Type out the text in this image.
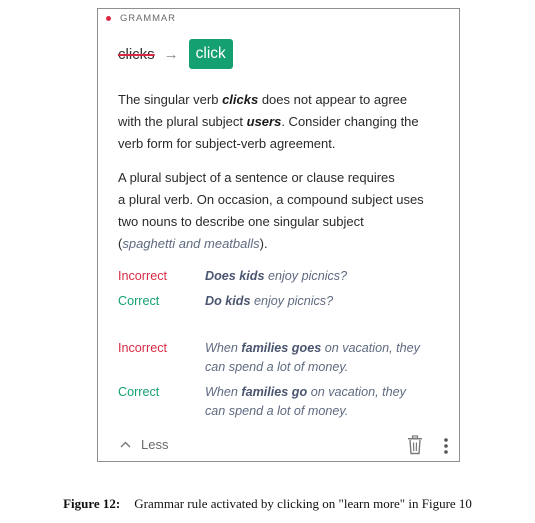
GRAMMAR
clicks →	click
The singular verb clicks does not appear to agree
with the plural subject users. Consider changing the
verb form for subject-verb agreement.
A plural subject of a sentence or clause requires
a plural verb. On occasion, a compound subject uses
two nouns to describe one singular subject
(spaghetti and meatballs).
Incorrect	Does kids enjoy picnics?
Correct	Do kids enjoy picnics?
Incorrect	When families goes on vacation, they
can spend a lot of money.
Correct	When families go on vacation, they
can spend a lot of money.
Less
Figure 12: Grammar rule activated by clicking on "learn more" in Figure 10
